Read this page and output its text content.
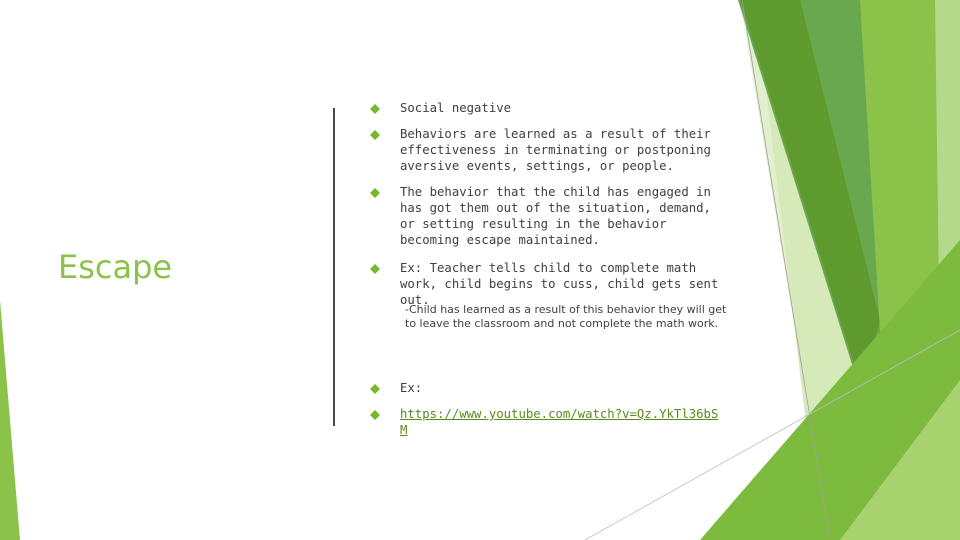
Escape
Social negative
Behaviors are learned as a result of their effectiveness in terminating or postponing aversive events, settings, or people.
The behavior that the child has engaged in has got them out of the situation, demand, or setting resulting in the behavior becoming escape maintained.
Ex: Teacher tells child to complete math work, child begins to cuss, child gets sent out.
-Child has learned as a result of this behavior they will get to leave the classroom and not complete the math work.
Ex:
https://www.youtube.com/watch?v=Qz.YkTl36bSM
